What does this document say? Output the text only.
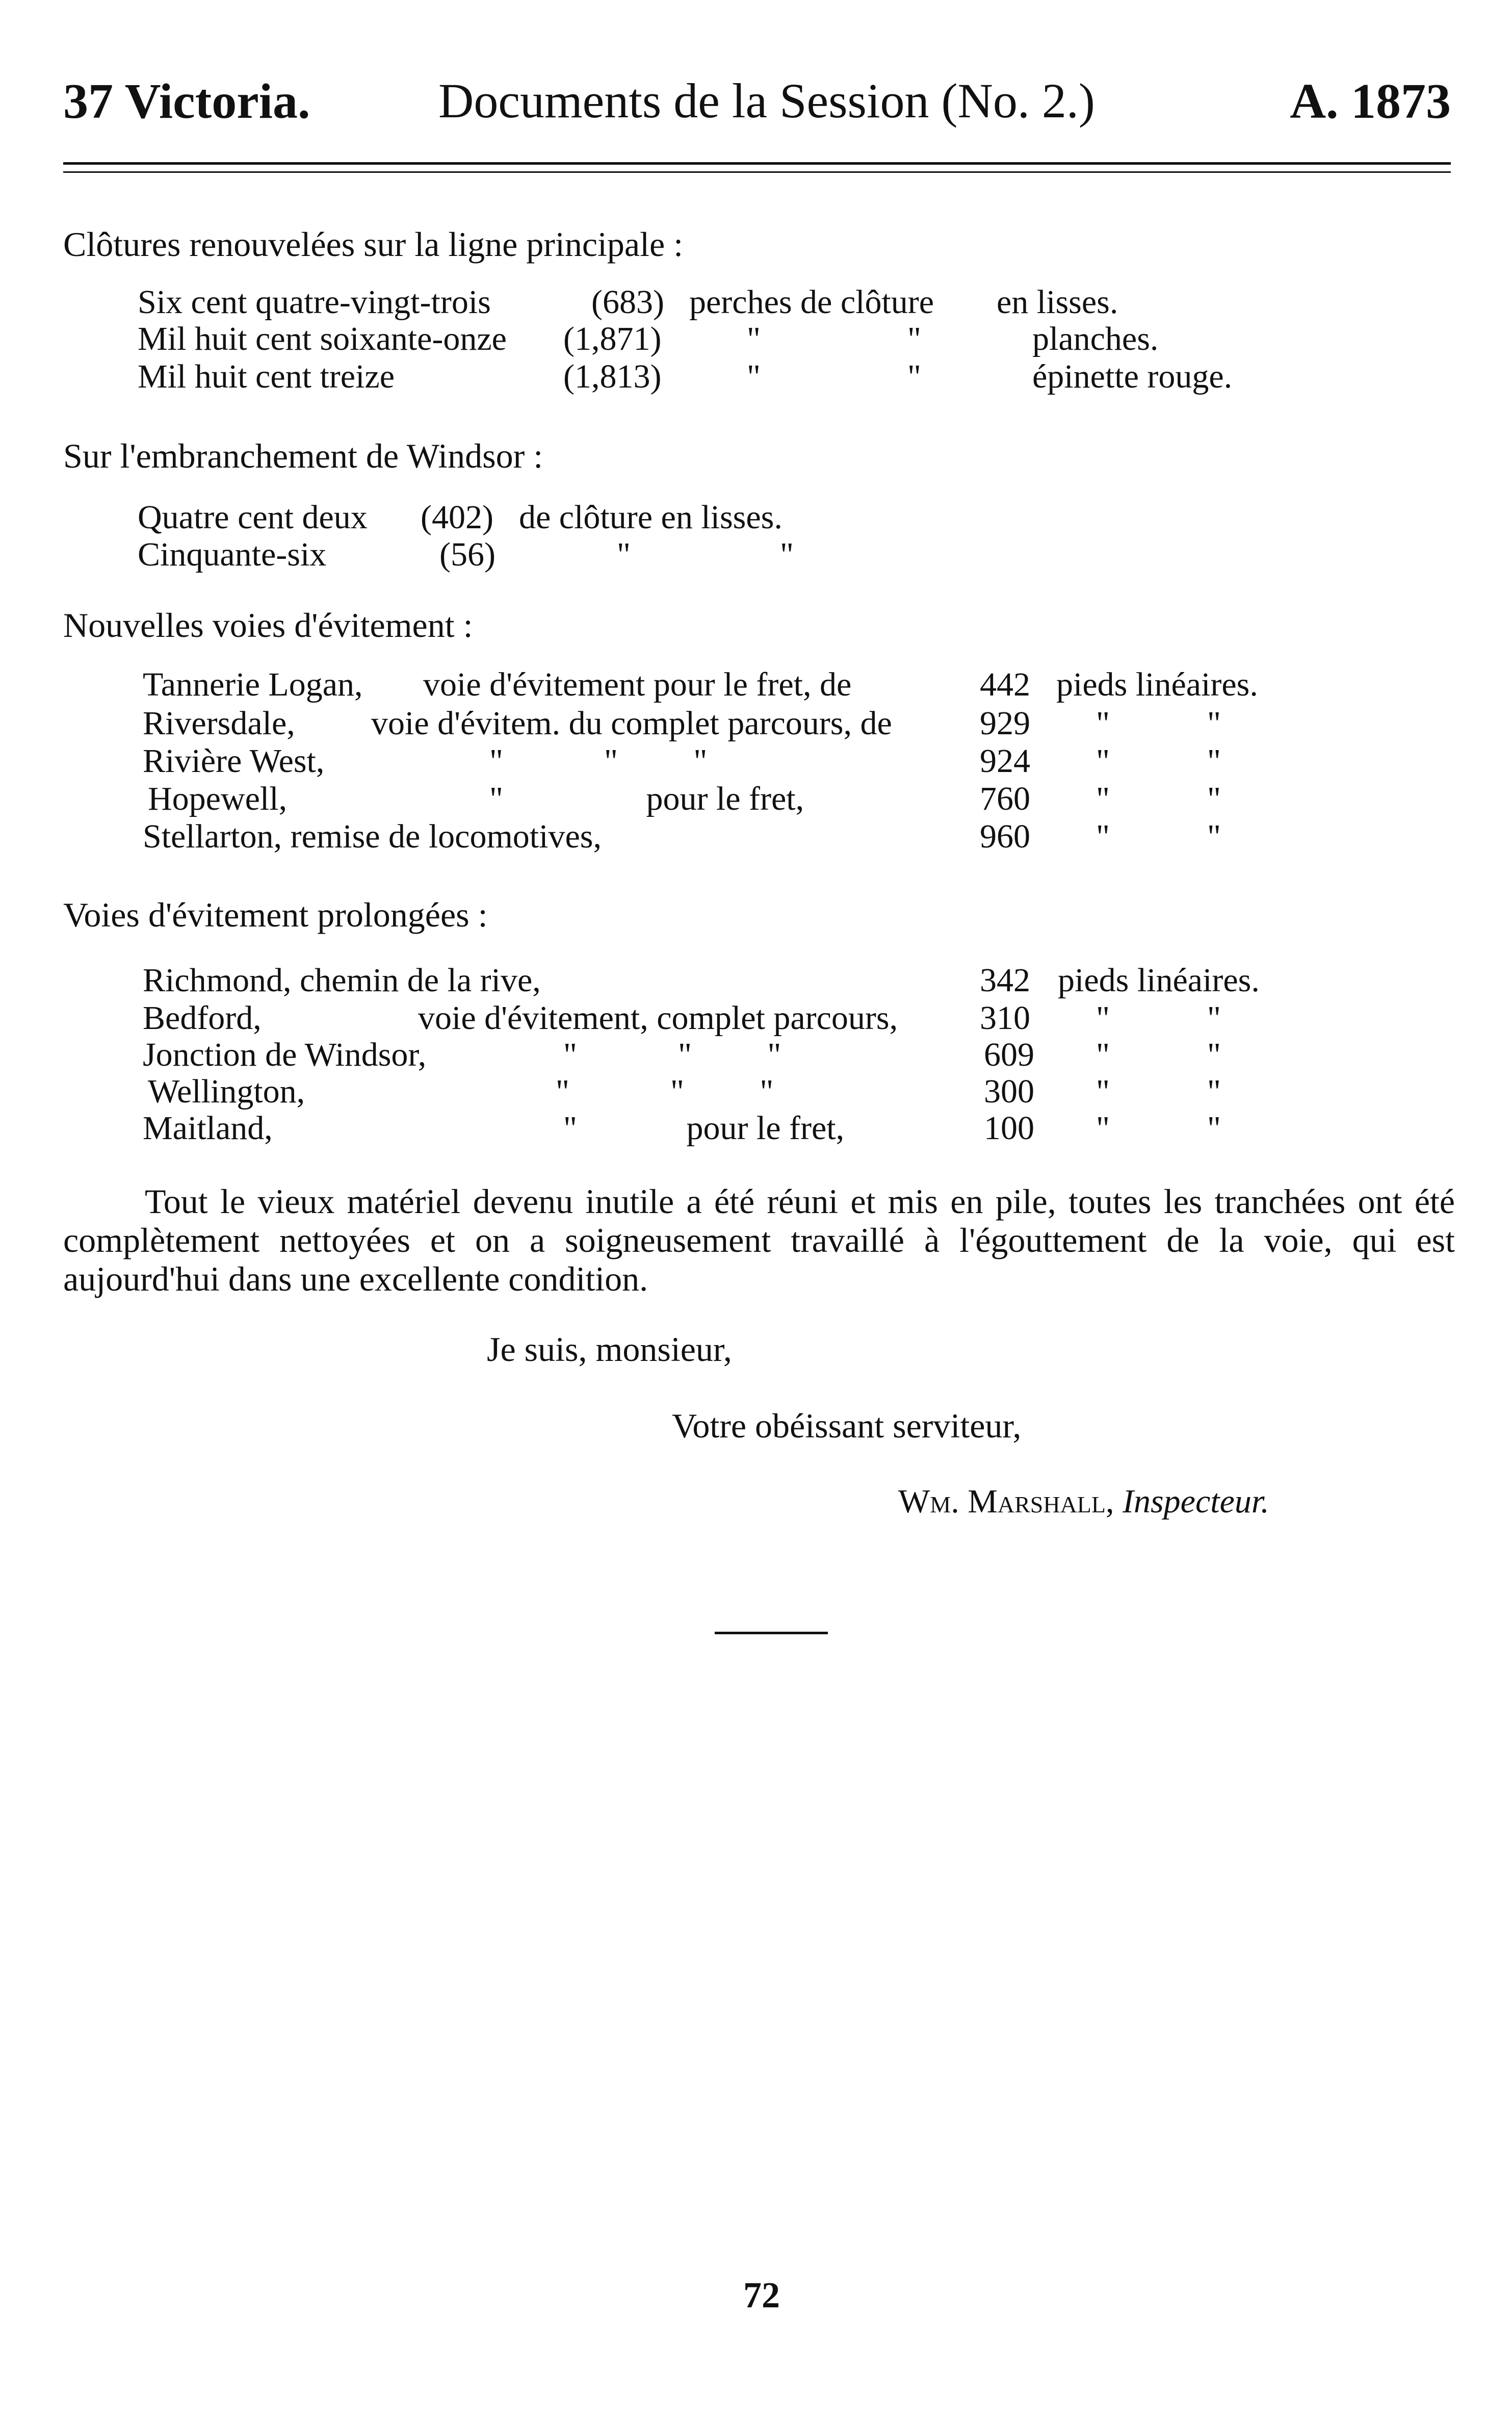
37 Victoria.	Documents de la Session (No. 2.)	A. 1873
Clôtures renouvelées sur la ligne principale :
Six cent quatre-vingt-trois	(683) perches de clôture en lisses.
Mil huit cent soixante-onze (1,871)	"	"	planches.
Mil huit cent treize	(1,813)	"	"	épinette rouge.
Sur l'embranchement de Windsor :
Quatre cent deux (402) de clôture en lisses.
Cinquante-six	(56)	"	"
Nouvelles voies d'évitement :
Tannerie Logan, voie d'évitement pour le fret, de	442 pieds linéaires.
Riversdale, voie d'évitem. du complet parcours, de	929 "	"
Rivière West,	"            "         "	924 "	"
Hopewell,	"                 pour le fret,	760 "	"
Stellarton, remise de locomotives,	960 "	"
Voies d'évitement prolongées :
Richmond, chemin de la rive,	342 pieds linéaires.
Bedford,	voie d'évitement, complet parcours, 310 "	"
Jonction de Windsor,	"            "         "	609 "	"
Wellington,	"            "         "	300 "	"
Maitland,	"             pour le fret,	100 "	"
Tout le vieux matériel devenu inutile a été réuni et mis en pile, toutes les tranchées ont été complètement nettoyées et on a soigneusement travaillé à l'égouttement de la voie, qui est aujourd'hui dans une excellente condition.
Je suis, monsieur,
Votre obéissant serviteur,
Wm. Marshall, Inspecteur.
72
